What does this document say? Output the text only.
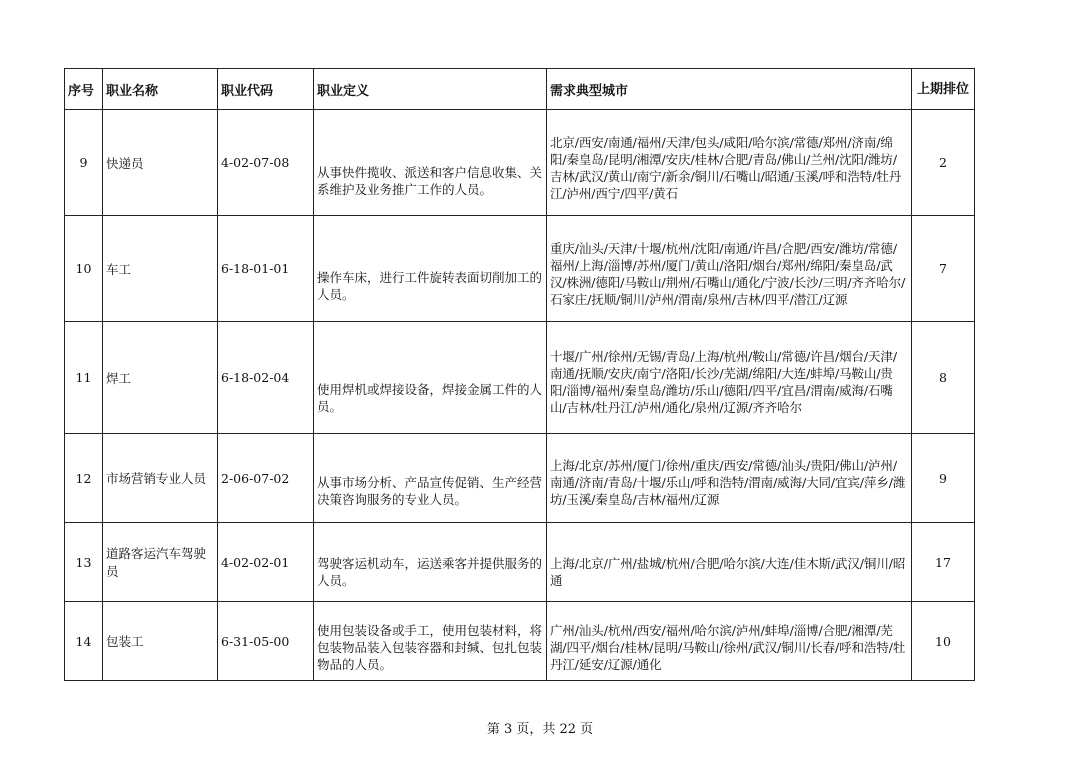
序号	职业名称	职业代码	职业定义	需求典型城市	上期排位
9	快递员	4-02-07-08	从事快件揽收、派送和客户信息收集、关系维护及业务推广工作的人员。	北京/西安/南通/福州/天津/包头/咸阳/哈尔滨/常德/郑州/济南/绵阳/秦皇岛/昆明/湘潭/安庆/桂林/合肥/青岛/佛山/兰州/沈阳/潍坊/吉林/武汉/黄山/南宁/新余/铜川/石嘴山/昭通/玉溪/呼和浩特/牡丹江/泸州/西宁/四平/黄石	2
10	车工	6-18-01-01	操作车床，进行工件旋转表面切削加工的人员。	重庆/汕头/天津/十堰/杭州/沈阳/南通/许昌/合肥/西安/潍坊/常德/福州/上海/淄博/苏州/厦门/黄山/洛阳/烟台/郑州/绵阳/秦皇岛/武汉/株洲/德阳/马鞍山/荆州/石嘴山/通化/宁波/长沙/三明/齐齐哈尔/石家庄/抚顺/铜川/泸州/渭南/泉州/吉林/四平/潜江/辽源	7
11	焊工	6-18-02-04	使用焊机或焊接设备，焊接金属工件的人员。	十堰/广州/徐州/无锡/青岛/上海/杭州/鞍山/常德/许昌/烟台/天津/南通/抚顺/安庆/南宁/洛阳/长沙/芜湖/绵阳/大连/蚌埠/马鞍山/贵阳/淄博/福州/秦皇岛/潍坊/乐山/德阳/四平/宜昌/渭南/威海/石嘴山/吉林/牡丹江/泸州/通化/泉州/辽源/齐齐哈尔	8
12	市场营销专业人员	2-06-07-02	从事市场分析、产品宣传促销、生产经营决策咨询服务的专业人员。	上海/北京/苏州/厦门/徐州/重庆/西安/常德/汕头/贵阳/佛山/泸州/南通/济南/青岛/十堰/乐山/呼和浩特/渭南/威海/大同/宜宾/萍乡/潍坊/玉溪/秦皇岛/吉林/福州/辽源	9
13	道路客运汽车驾驶员	4-02-02-01	驾驶客运机动车，运送乘客并提供服务的人员。	上海/北京/广州/盐城/杭州/合肥/哈尔滨/大连/佳木斯/武汉/铜川/昭通	17
14	包装工	6-31-05-00	使用包装设备或手工，使用包装材料，将包装物品装入包装容器和封缄、包扎包装物品的人员。	广州/汕头/杭州/西安/福州/哈尔滨/泸州/蚌埠/淄博/合肥/湘潭/芜湖/四平/烟台/桂林/昆明/马鞍山/徐州/武汉/铜川/长春/呼和浩特/牡丹江/延安/辽源/通化	10
第 3 页，共 22 页
